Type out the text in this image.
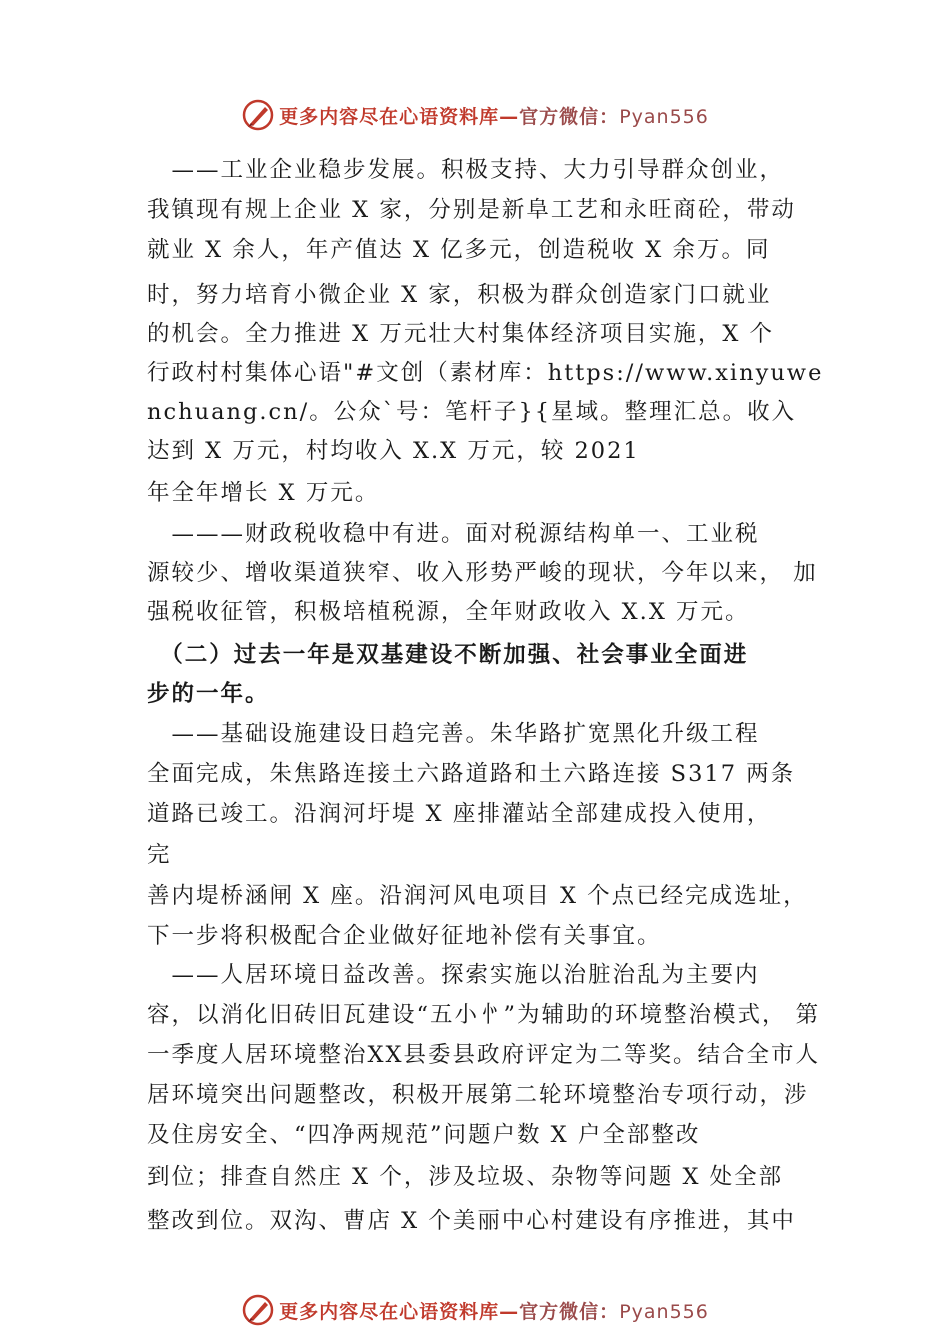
更多内容尽在心语资料库—官方微信：Pyan556
　——工业企业稳步发展。积极支持、大力引导群众创业，
我镇现有规上企业 X 家，分别是新阜工艺和永旺商砼，带动
就业 X 余人，年产值达 X 亿多元，创造税收 X 余万。同
时，努力培育小微企业 X 家，积极为群众创造家门口就业
的机会。全力推进 X 万元壮大村集体经济项目实施，X 个
行政村村集体心语"#文创（素材库：https://www.xinyuwe
nchuang.cn/。公众`号：笔杆子}{星域。整理汇总。收入
达到 X 万元，村均收入 X.X 万元，较 2021
年全年增长 X 万元。
　———财政税收稳中有进。面对税源结构单一、工业税
源较少、增收渠道狭窄、收入形势严峻的现状，今年以来， 加
强税收征管，积极培植税源，全年财政收入 X.X 万元。
　（二）过去一年是双基建设不断加强、社会事业全面进
步的一年。
　——基础设施建设日趋完善。朱华路扩宽黑化升级工程
全面完成，朱焦路连接土六路道路和土六路连接 S317 两条
道路已竣工。沿润河圩堤 X 座排灌站全部建成投入使用，
完
善内堤桥涵闸 X 座。沿润河风电项目 X 个点已经完成选址，
下一步将积极配合企业做好征地补偿有关事宜。
　——人居环境日益改善。探索实施以治脏治乱为主要内
容，以消化旧砖旧瓦建设“五小㣺”为辅助的环境整治模式， 第
一季度人居环境整治XX县委县政府评定为二等奖。结合全市人
居环境突出问题整改，积极开展第二轮环境整治专项行动，涉
及住房安全、“四净两规范”问题户数 X 户全部整改
到位；排查自然庄 X 个，涉及垃圾、杂物等问题 X 处全部
整改到位。双沟、曹店 X 个美丽中心村建设有序推进，其中
更多内容尽在心语资料库—官方微信：Pyan556
